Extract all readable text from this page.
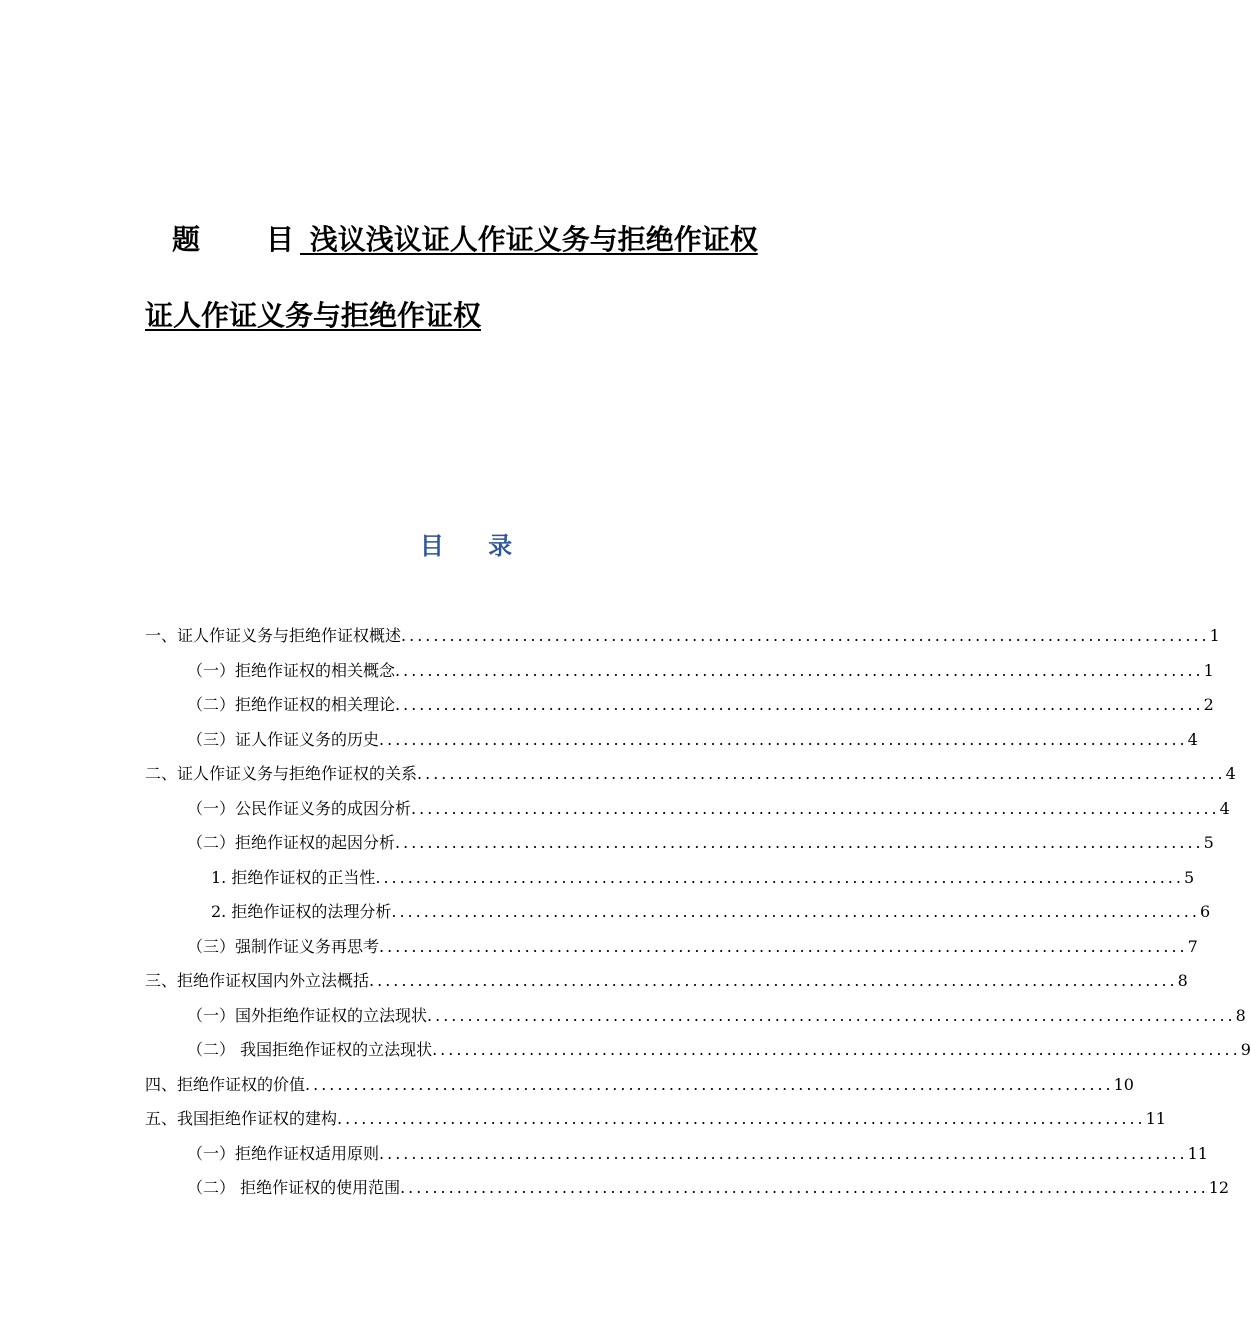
题 目 浅议浅议证人作证义务与拒绝作证权
证人作证义务与拒绝作证权
目 录
一、 证人作证义务与拒绝作证权概述 .................................................................................................... 1
（一）拒绝作证权的相关概念 .................................................................................................... 1
（二）拒绝作证权的相关理论 .................................................................................................... 2
（三）证人作证义务的历史 .................................................................................................... 4
二、 证人作证义务与拒绝作证权的关系 .................................................................................................... 4
（一）公民作证义务的成因分析 .................................................................................................... 4
（二）拒绝作证权的起因分析 .................................................................................................... 5
1. 拒绝作证权的正当性 .................................................................................................... 5
2. 拒绝作证权的法理分析 .................................................................................................... 6
（三）强制作证义务再思考 .................................................................................................... 7
三、 拒绝作证权国内外立法概括 .................................................................................................... 8
（一）国外拒绝作证权的立法现状 .................................................................................................... 8
（二） 我国拒绝作证权的立法现状 .................................................................................................... 9
四、 拒绝作证权的价值 .................................................................................................... 10
五、 我国拒绝作证权的建构 .................................................................................................... 11
（一）拒绝作证权适用原则 .................................................................................................... 11
（二） 拒绝作证权的使用范围 .................................................................................................... 12
